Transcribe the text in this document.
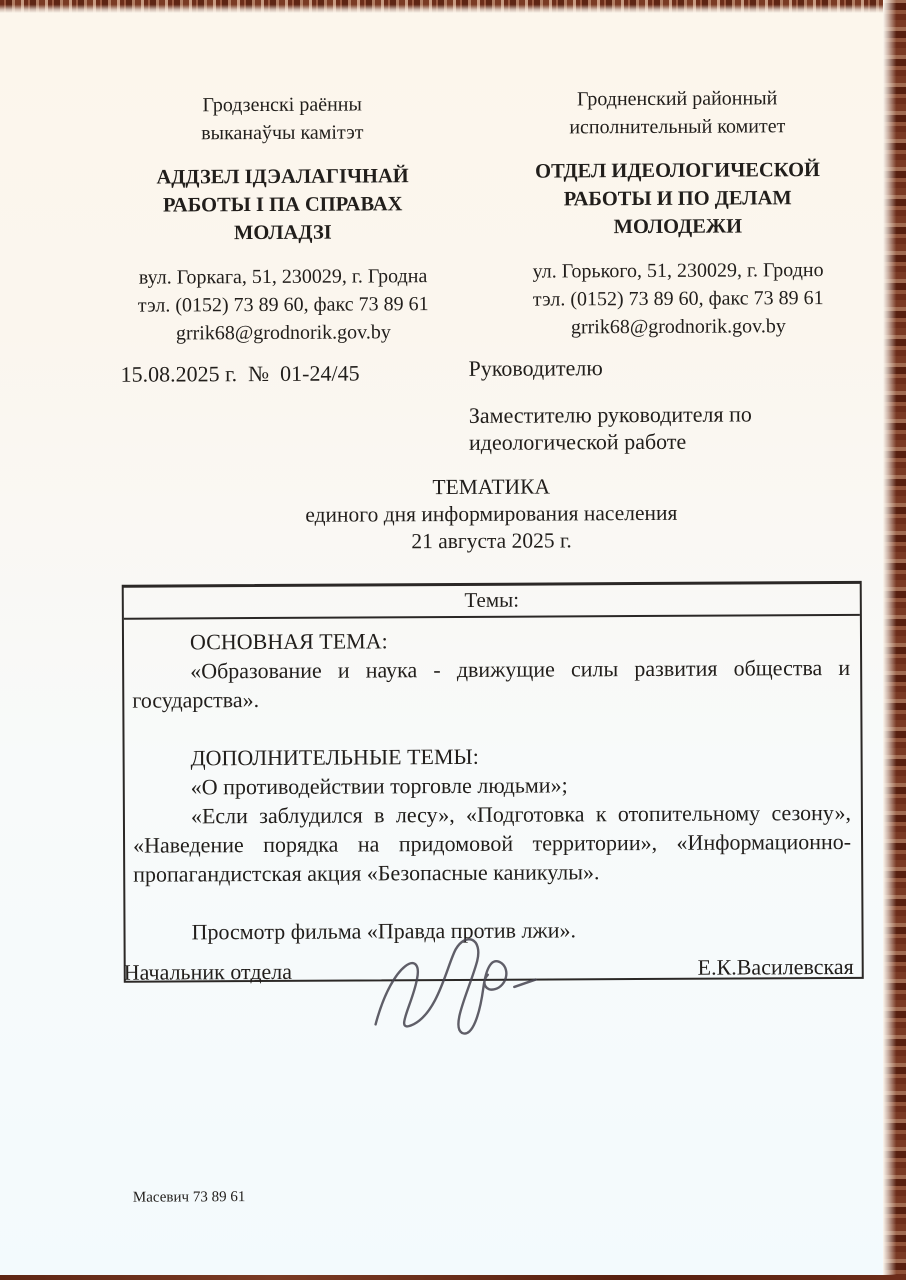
Гродзенскі раённы
выканаўчы камітэт
АДДЗЕЛ ІДЭАЛАГІЧНАЙ
РАБОТЫ І ПА СПРАВАХ
МОЛАДЗІ
вул. Горкага, 51, 230029, г. Гродна
тэл. (0152) 73 89 60, факс 73 89 61
grrik68@grodnorik.gov.by
Гродненский районный
исполнительный комитет
ОТДЕЛ ИДЕОЛОГИЧЕСКОЙ
РАБОТЫ И ПО ДЕЛАМ
МОЛОДЕЖИ
ул. Горького, 51, 230029, г. Гродно
тэл. (0152) 73 89 60, факс 73 89 61
grrik68@grodnorik.gov.by
15.08.2025 г.  №  01-24/45	Руководителю

Заместителю руководителя по идеологической работе

ТЕМАТИКА
единого дня информирования населения
21 августа 2025 г.
Темы:

ОСНОВНАЯ ТЕМА:

«Образование и наука - движущие силы развития общества и государства».

ДОПОЛНИТЕЛЬНЫЕ ТЕМЫ:

«О противодействии торговле людьми»;

«Если заблудился в лесу», «Подготовка к отопительному сезону», «Наведение порядка на придомовой территории», «Информационно-пропагандистская акция «Безопасные каникулы».

Просмотр фильма «Правда против лжи».

Начальник отдела	Е.К.Василевская
Масевич 73 89 61
